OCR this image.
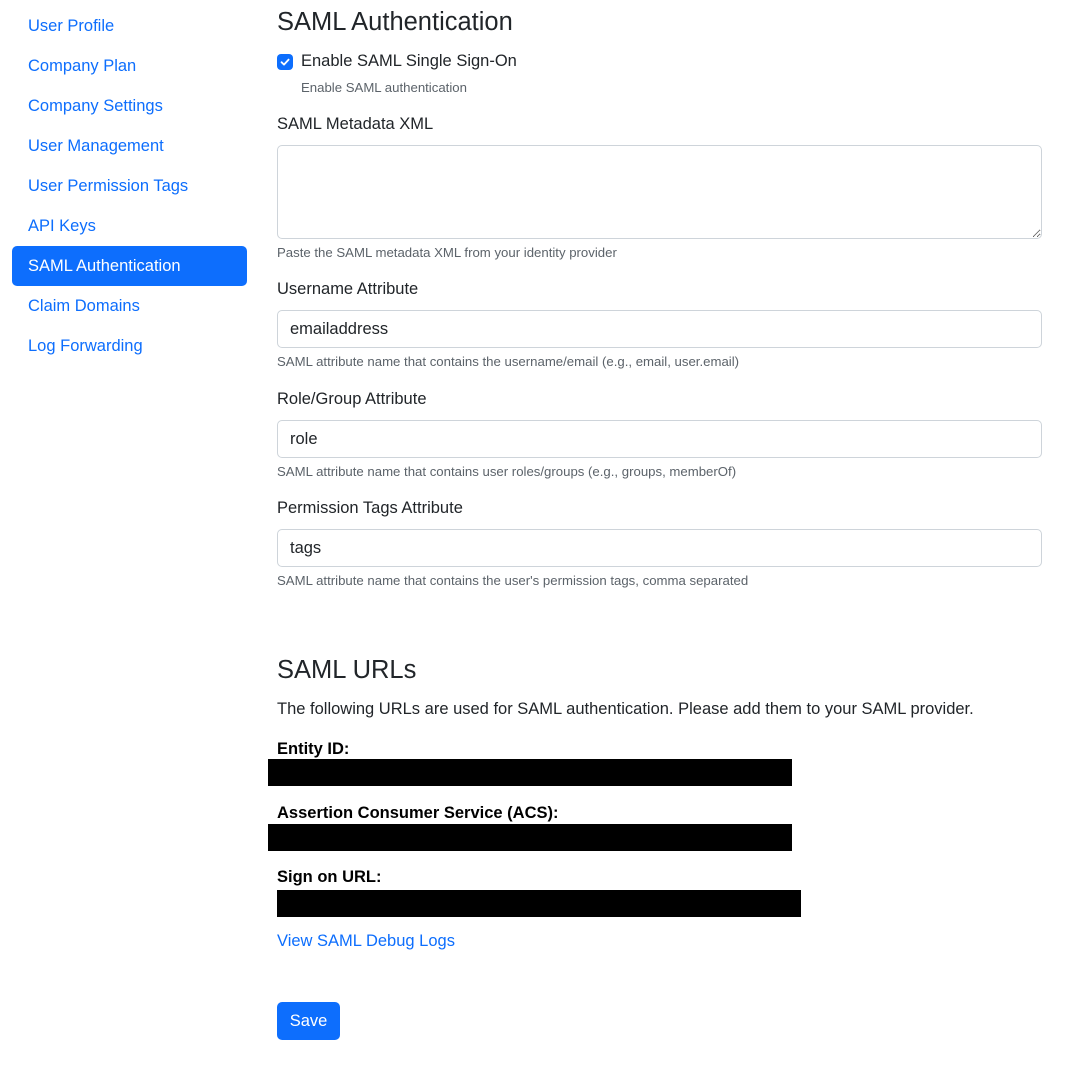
User Profile
Company Plan
Company Settings
User Management
User Permission Tags
API Keys
SAML Authentication
Claim Domains
Log Forwarding
SAML Authentication
Enable SAML Single Sign-On
Enable SAML authentication
SAML Metadata XML
Paste the SAML metadata XML from your identity provider
Username Attribute
emailaddress
SAML attribute name that contains the username/email (e.g., email, user.email)
Role/Group Attribute
role
SAML attribute name that contains user roles/groups (e.g., groups, memberOf)
Permission Tags Attribute
tags
SAML attribute name that contains the user's permission tags, comma separated
SAML URLs
The following URLs are used for SAML authentication. Please add them to your SAML provider.
Entity ID:
Assertion Consumer Service (ACS):
Sign on URL:
View SAML Debug Logs
Save
